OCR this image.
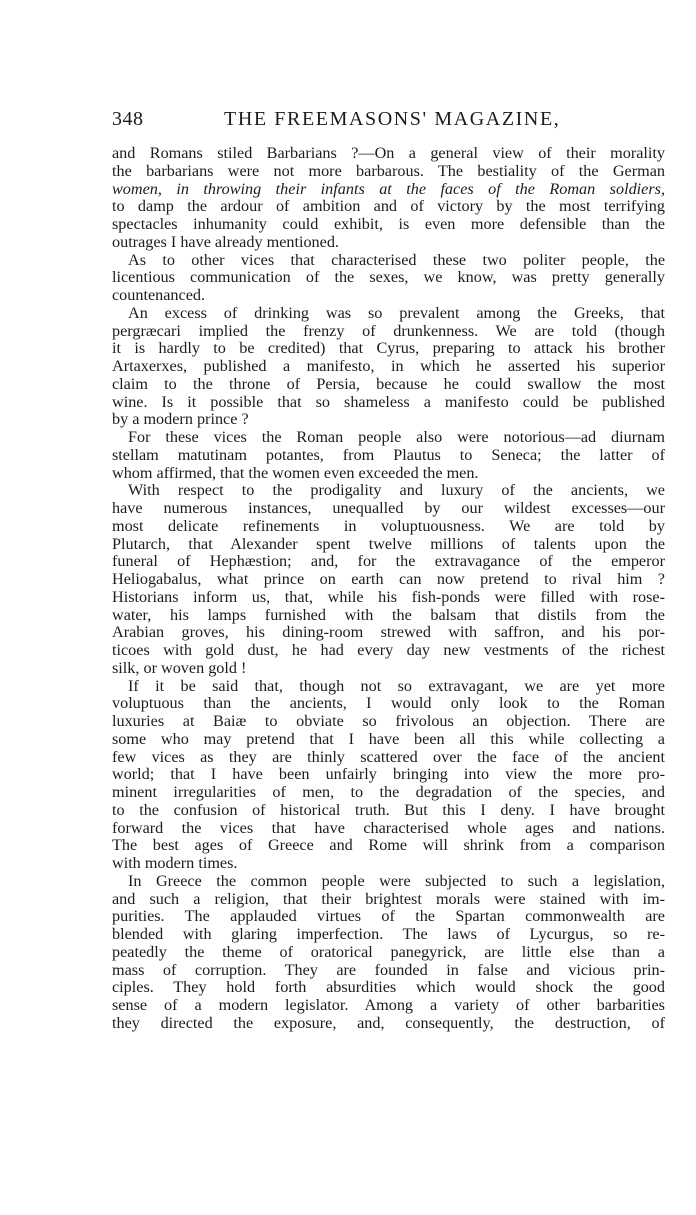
348	THE FREEMASONS' MAGAZINE,
and Romans stiled Barbarians ?—On a general view of their morality
the barbarians were not more barbarous. The bestiality of the German
women, in throwing their infants at the faces of the Roman soldiers,
to damp the ardour of ambition and of victory by the most terrifying
spectacles inhumanity could exhibit, is even more defensible than the
outrages I have already mentioned.
As to other vices that characterised these two politer people, the
licentious communication of the sexes, we know, was pretty generally
countenanced.
An excess of drinking was so prevalent among the Greeks, that
pergræcari implied the frenzy of drunkenness. We are told (though
it is hardly to be credited) that Cyrus, preparing to attack his brother
Artaxerxes, published a manifesto, in which he asserted his superior
claim to the throne of Persia, because he could swallow the most
wine. Is it possible that so shameless a manifesto could be published
by a modern prince ?
For these vices the Roman people also were notorious—ad diurnam
stellam matutinam potantes, from Plautus to Seneca; the latter of
whom affirmed, that the women even exceeded the men.
With respect to the prodigality and luxury of the ancients, we
have numerous instances, unequalled by our wildest excesses—our
most delicate refinements in voluptuousness. We are told by
Plutarch, that Alexander spent twelve millions of talents upon the
funeral of Hephæstion; and, for the extravagance of the emperor
Heliogabalus, what prince on earth can now pretend to rival him ?
Historians inform us, that, while his fish-ponds were filled with rose-
water, his lamps furnished with the balsam that distils from the
Arabian groves, his dining-room strewed with saffron, and his por-
ticoes with gold dust, he had every day new vestments of the richest
silk, or woven gold !
If it be said that, though not so extravagant, we are yet more
voluptuous than the ancients, I would only look to the Roman
luxuries at Baiæ to obviate so frivolous an objection. There are
some who may pretend that I have been all this while collecting a
few vices as they are thinly scattered over the face of the ancient
world; that I have been unfairly bringing into view the more pro-
minent irregularities of men, to the degradation of the species, and
to the confusion of historical truth. But this I deny. I have brought
forward the vices that have characterised whole ages and nations.
The best ages of Greece and Rome will shrink from a comparison
with modern times.
In Greece the common people were subjected to such a legislation,
and such a religion, that their brightest morals were stained with im-
purities. The applauded virtues of the Spartan commonwealth are
blended with glaring imperfection. The laws of Lycurgus, so re-
peatedly the theme of oratorical panegyrick, are little else than a
mass of corruption. They are founded in false and vicious prin-
ciples. They hold forth absurdities which would shock the good
sense of a modern legislator. Among a variety of other barbarities
they directed the exposure, and, consequently, the destruction, of
